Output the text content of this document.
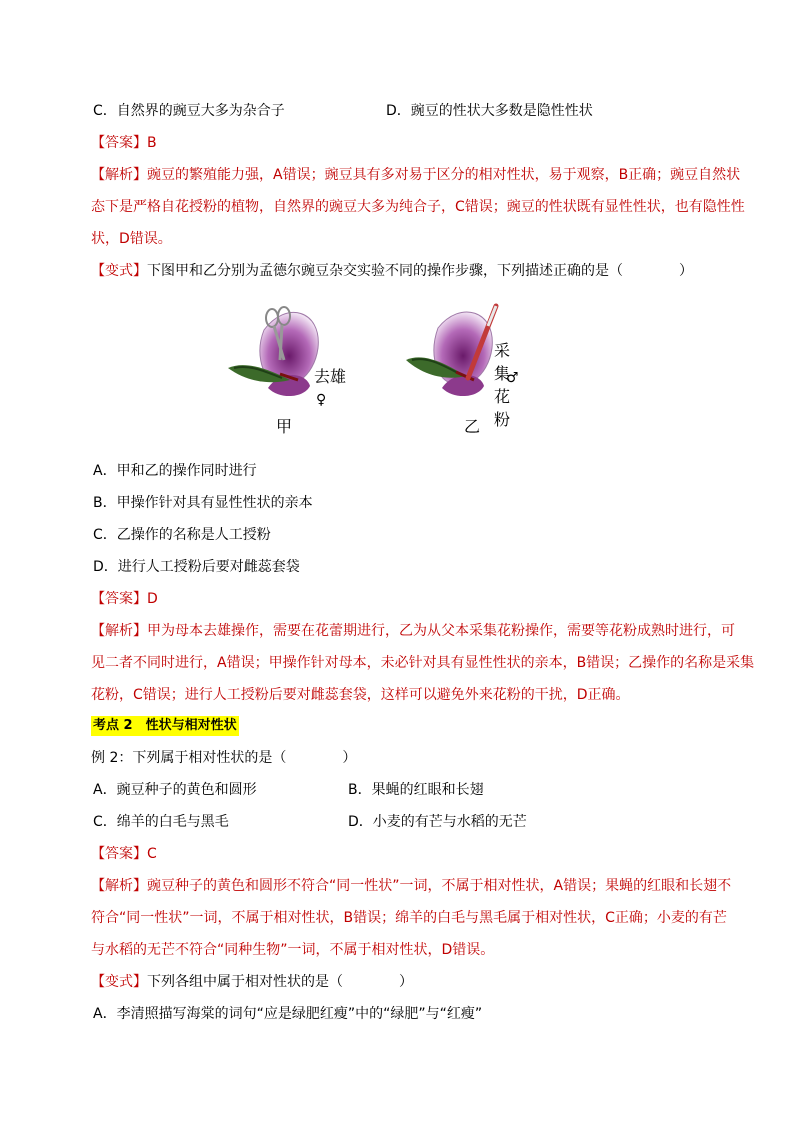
C．自然界的豌豆大多为杂合子	D．豌豆的性状大多数是隐性性状
【答案】B
【解析】豌豆的繁殖能力强，A错误；豌豆具有多对易于区分的相对性状，易于观察，B正确；豌豆自然状
态下是严格自花授粉的植物，自然界的豌豆大多为纯合子，C错误；豌豆的性状既有显性性状，也有隐性性
状，D错误。
【变式】下图甲和乙分别为孟德尔豌豆杂交实验不同的操作步骤，下列描述正确的是（　　　　）
去雄
♀
甲
采集花粉
♂
乙
A．甲和乙的操作同时进行
B．甲操作针对具有显性性状的亲本
C．乙操作的名称是人工授粉
D．进行人工授粉后要对雌蕊套袋
【答案】D
【解析】甲为母本去雄操作，需要在花蕾期进行，乙为从父本采集花粉操作，需要等花粉成熟时进行，可
见二者不同时进行，A错误；甲操作针对母本，未必针对具有显性性状的亲本，B错误；乙操作的名称是采集
花粉，C错误；进行人工授粉后要对雌蕊套袋，这样可以避免外来花粉的干扰，D正确。
考点 2　性状与相对性状
例 2：下列属于相对性状的是（　　　　）
A．豌豆种子的黄色和圆形	B．果蝇的红眼和长翅
C．绵羊的白毛与黑毛	D．小麦的有芒与水稻的无芒
【答案】C
【解析】豌豆种子的黄色和圆形不符合“同一性状”一词，不属于相对性状，A错误；果蝇的红眼和长翅不
符合“同一性状”一词，不属于相对性状，B错误；绵羊的白毛与黑毛属于相对性状，C正确；小麦的有芒
与水稻的无芒不符合“同种生物”一词，不属于相对性状，D错误。
【变式】下列各组中属于相对性状的是（　　　　）
A．李清照描写海棠的词句“应是绿肥红瘦”中的“绿肥”与“红瘦”
